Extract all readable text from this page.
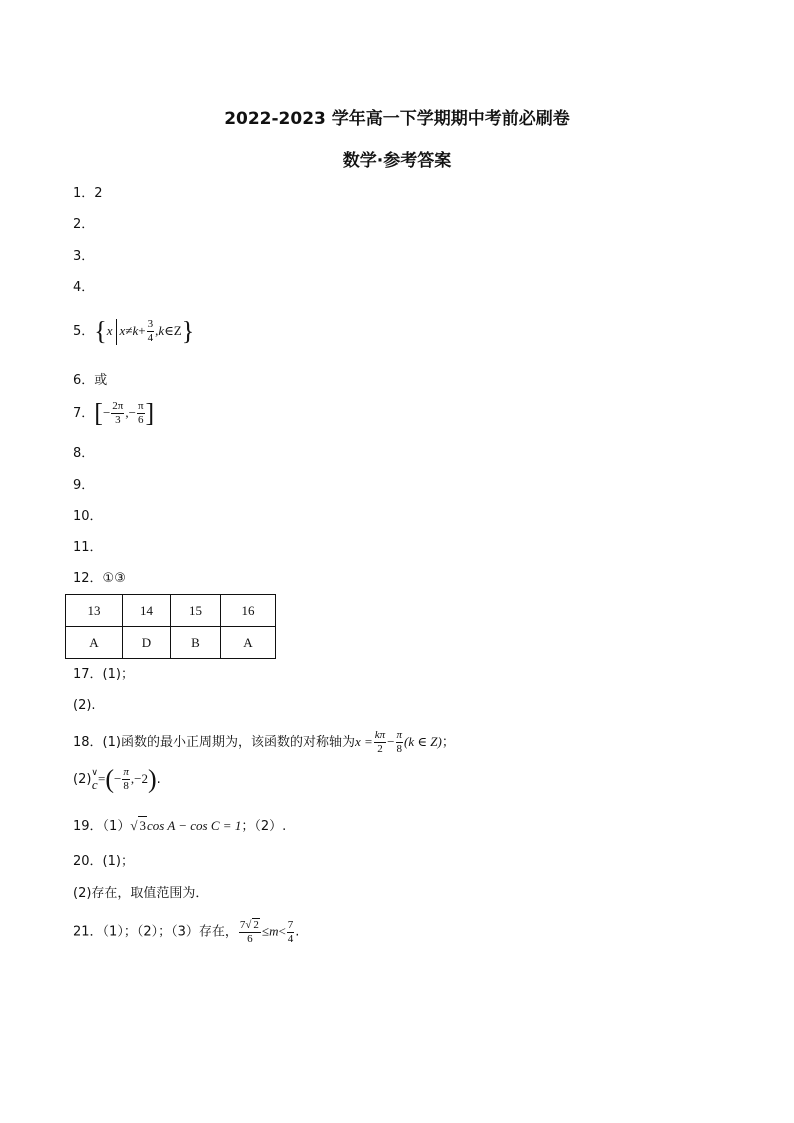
2022-2023 学年高一下学期期中考前必刷卷
数学·参考答案
1．2
2．
3．
4．
5．{x $x\ne k+ \frac{3}{4}$ ,k∈Z}
6．或
7．[− $\frac{2\pi}{3}$ ,− $\frac{\pi}{6}$ ]
8．
9．
10．
11．
12．①③
13	14	15	16
A	D	B	A
17．(1)；
(2).
18．(1)函数的最小正周期为，该函数的对称轴为$x = \frac{k\pi}{2} - \frac{\pi}{8} (k$ ∈ Z)；
(2) ∨
c =(− $\frac{\pi}{8} ,-2$).
19．（1）√ 3cos A − cos C = 1；（2）.
20．(1)；
(2)存在，取值范围为．
21．（1）；（2）；（3）存在， $\frac{7√ 2}{6} \le m< \frac{7}{4}$ .
